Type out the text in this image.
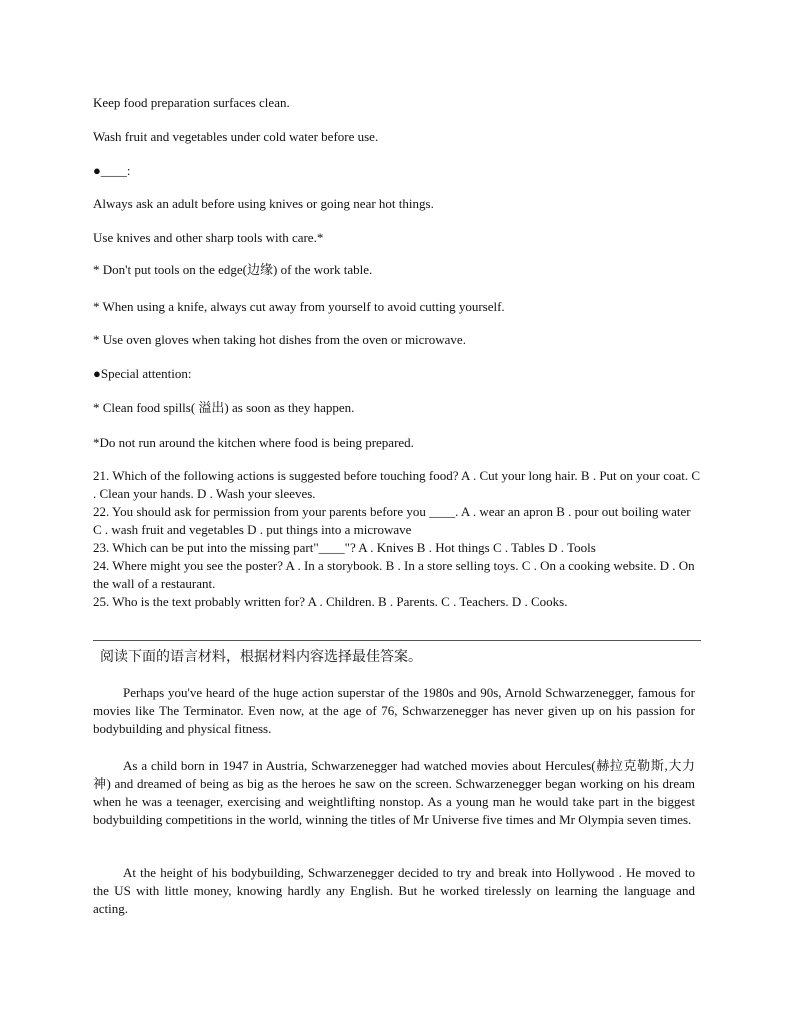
Keep food preparation surfaces clean.
Wash fruit and vegetables under cold water before use.
●____:
Always ask an adult before using knives or going near hot things.
Use knives and other sharp tools with care.*
* Don't put tools on the edge(边缘) of the work table.
* When using a knife, always cut away from yourself to avoid cutting yourself.
* Use oven gloves when taking hot dishes from the oven or microwave.
●Special attention:
* Clean food spills( 溢出) as soon as they happen.
*Do not run around the kitchen where food is being prepared.
21. Which of the following actions is suggested before touching food? A . Cut your long hair. B . Put on your coat. C . Clean your hands. D . Wash your sleeves.
22. You should ask for permission from your parents before you ____. A . wear an apron B . pour out boiling water C . wash fruit and vegetables D . put things into a microwave
23. Which can be put into the missing part"____"? A . Knives B . Hot things C . Tables D . Tools
24. Where might you see the poster? A . In a storybook. B . In a store selling toys. C . On a cooking website. D . On the wall of a restaurant.
25. Who is the text probably written for? A . Children. B . Parents. C . Teachers. D . Cooks.
阅读下面的语言材料，根据材料内容选择最佳答案。
Perhaps you've heard of the huge action superstar of the 1980s and 90s, Arnold Schwarzenegger, famous for movies like The Terminator. Even now, at the age of 76, Schwarzenegger has never given up on his passion for bodybuilding and physical fitness.
As a child born in 1947 in Austria, Schwarzenegger had watched movies about Hercules(赫拉克勒斯,大力神) and dreamed of being as big as the heroes he saw on the screen. Schwarzenegger began working on his dream when he was a teenager, exercising and weightlifting nonstop. As a young man he would take part in the biggest bodybuilding competitions in the world, winning the titles of Mr Universe five times and Mr Olympia seven times.
At the height of his bodybuilding, Schwarzenegger decided to try and break into Hollywood . He moved to the US with little money, knowing hardly any English. But he worked tirelessly on learning the language and acting.
